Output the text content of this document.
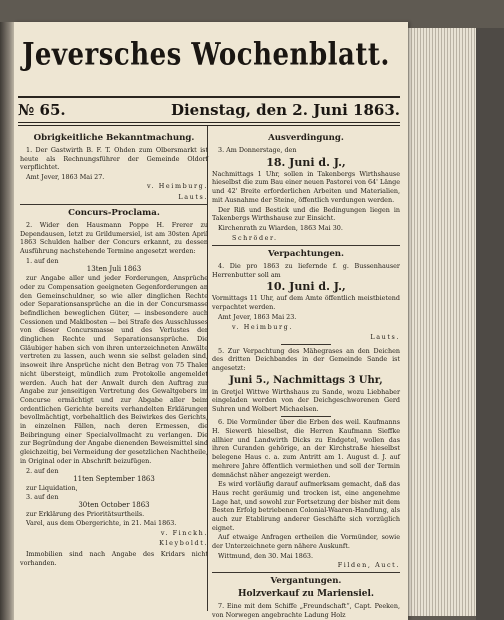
Jeversches Wochenblatt.
№ 65.	Dienstag, den 2. Juni 1863.
Obrigkeitliche Bekanntmachung.
1. Der Gastwirth B. F. T. Ohden zum Olbersmarkt ist heute als Rechnungsführer der Gemeinde Oldorf verpflichtet.
Amt Jever, 1863 Mai 27.
v. Heimburg.
Lauts.
Concurs-Proclama.
2. Wider den Hausmann Poppe H. Frerer zu Dependausen, letzt zu Grildumersiel, ist am 30sten April 1863 Schulden halber der Concurs erkannt, zu dessen Ausführung nachstehende Termine angesetzt werden:
1. auf den
13ten Juli 1863
zur Angabe aller und jeder Forderungen, Ansprüche oder zu Compensation geeigneten Gegenforderungen an den Gemeinschuldner, so wie aller dinglichen Rechte oder Separationsansprüche an die in der Concursmasse befindlichen beweglichen Güter, — insbesondere auch Cessionen und Maklbosten — bei Strafe des Ausschlusses von dieser Concursmasse und des Verlustes der dinglichen Rechte und Separationsansprüche. Die Gläubiger haben sich von ihren unterzeichneten Anwälte vertreten zu lassen, auch wenn sie selbst geladen sind, insoweit ihre Ansprüche nicht den Betrag von 75 Thaler nicht übersteigt, mündlich zum Protokolle angemeldet werden. Auch hat der Anwalt durch den Auftrag zur Angabe zur jenseitigen Vertretung des Gewaltgebers im Concurse ermächtigt und zur Abgabe aller beim ordentlichen Gerichte bereits verhandelten Erklärungen bevollmächtigt, vorbehaltlich des Beiwirkes des Gerichts, in einzelnen Fällen, nach deren Ermessen, die Beibringung einer Specialvollmacht zu verlangen. Die zur Begründung der Angabe dienenden Beweismittel sind gleichzeitig, bei Vermeidung der gesetzlichen Nachtheile, in Original oder in Abschrift beizufügen.
2. auf den
11ten September 1863
zur Liquidation,
3. auf den
30ten October 1863
zur Erklärung des Prioritätsurtheils.
Varel, aus dem Obergerichte, in 21. Mai 1863.
v. Finckh.
Kleyboldt.
Immobilien sind nach Angabe des Kridars nicht vorhanden.
Ausverdingung.
3. Am Donnerstage, den
18. Juni d. J.,
Nachmittags 1 Uhr, sollen in Takenbergs Wirthshause hieselbst die zum Bau einer neuen Pastorei von 64' Länge und 42' Breite erforderlichen Arbeiten und Materialien, mit Ausnahme der Steine, öffentlich verdungen werden.
Der Riß und Bestick und die Bedingungen liegen in Takenbergs Wirthshause zur Einsicht.
Kirchenrath zu Wiarden, 1863 Mai 30.
Schröder.
Verpachtungen.
4. Die pro 1863 zu liefernde f. g. Bussenhauser Herrenbutter soll am
10. Juni d. J.,
Vormittags 11 Uhr, auf dem Amte öffentlich meistbietend verpachtet werden.
Amt Jever, 1863 Mai 23.
v. Heimburg.
Lauts.
5. Zur Verpachtung des Mähegrases an den Deichen des dritten Deichbandes in der Gemeinde Sande ist angesetzt:
Juni 5., Nachmittags 3 Uhr,
in Gretjel Wittwe Wirthshaus zu Sande, wozu Liebhaber eingeladen werden von der Deichgeschworenen Gerd Suhren und Wolbert Michaelsen.
6. Die Vormünder über die Erben des weil. Kaufmanns H. Siewerß hieselbst, die Herren Kaufmann Sieffke allhier und Landwirth Dicks zu Endgetel, wollen das ihren Curanden gehörige, an der Kirchstraße hieselbst belegene Haus c. a. zum Antritt am 1. August d. J. auf mehrere Jahre öffentlich vermiethen und soll der Termin demnächst näher angezeigt werden.
Es wird vorläufig darauf aufmerksam gemacht, daß das Haus recht geräumig und trocken ist, eine angenehme Lage hat, und sowohl zur Fortsetzung der bisher mit dem Besten Erfolg betriebenen Colonial-Waaren-Handlung, als auch zur Etablirung anderer Geschäfte sich vorzüglich eignet.
Auf etwaige Anfragen ertheilen die Vormünder, sowie der Unterzeichnete gern nähere Auskunft.
Wittmund, den 30. Mai 1863.
Filden, Auct.
Vergantungen.
Holzverkauf zu Mariensiel.
7. Eine mit dem Schiffe „Freundschaft“, Capt. Peeken, von Norwegen angebrachte Ladung Holz
